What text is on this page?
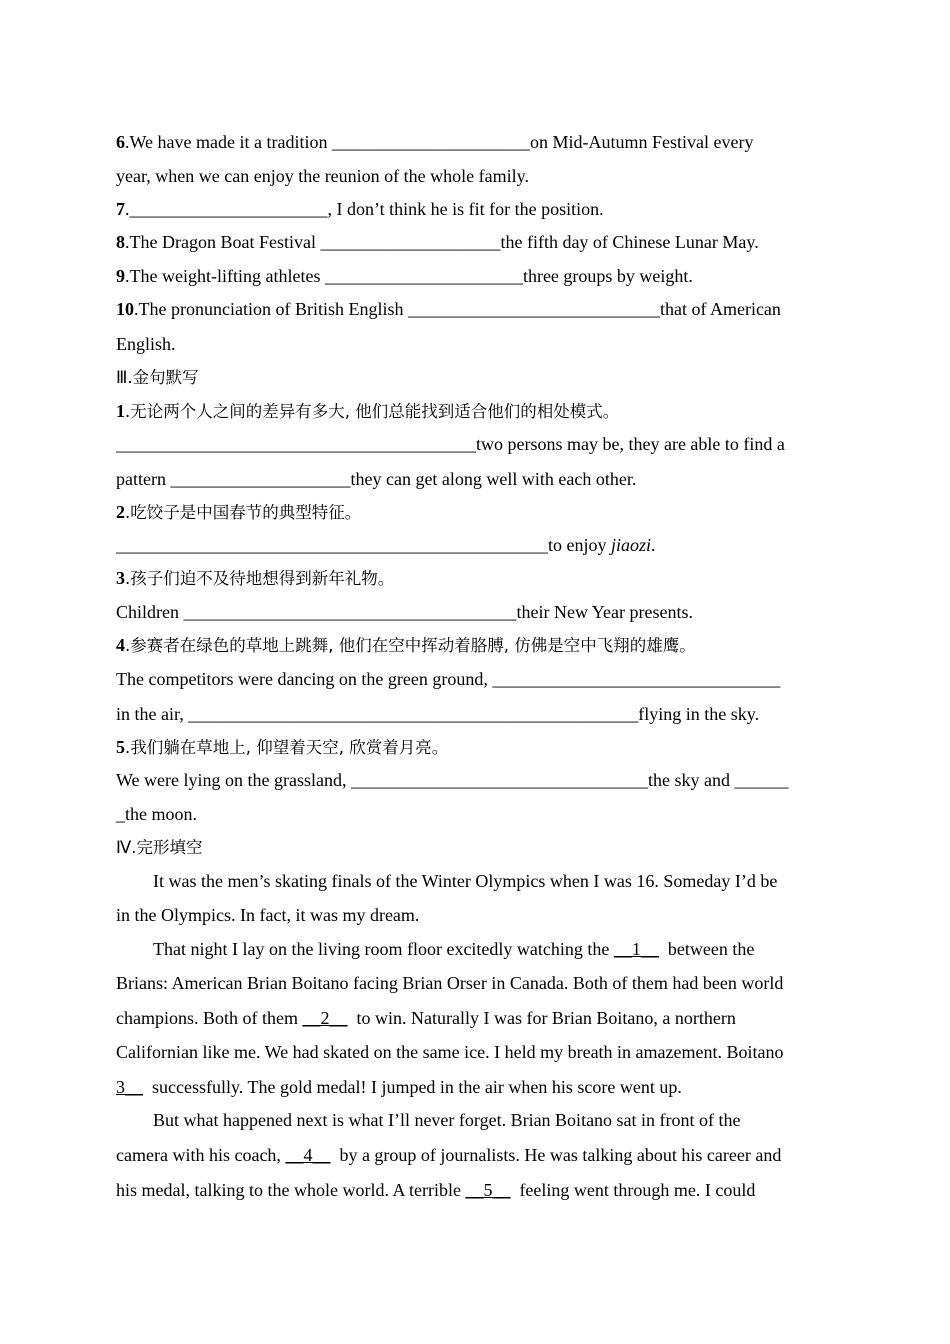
6.We have made it a tradition ______________________on Mid-Autumn Festival every
year, when we can enjoy the reunion of the whole family.
7.______________________, I don’t think he is fit for the position.
8.The Dragon Boat Festival ____________________the fifth day of Chinese Lunar May.
9.The weight-lifting athletes ______________________three groups by weight.
10.The pronunciation of British English ____________________________that of American
English.
Ⅲ.金句默写
1.无论两个人之间的差异有多大, 他们总能找到适合他们的相处模式。
________________________________________two persons may be, they are able to find a
pattern ____________________they can get along well with each other.
2.吃饺子是中国春节的典型特征。
________________________________________________to enjoy jiaozi.
3.孩子们迫不及待地想得到新年礼物。
Children _____________________________________their New Year presents.
4.参赛者在绿色的草地上跳舞, 他们在空中挥动着胳膊, 仿佛是空中飞翔的雄鹰。
The competitors were dancing on the green ground, ________________________________
in the air, __________________________________________________flying in the sky.
5.我们躺在草地上, 仰望着天空, 欣赏着月亮。
We were lying on the grassland, _________________________________the sky and ______
_the moon.
Ⅳ.完形填空
It was the men’s skating finals of the Winter Olympics when I was 16. Someday I’d be
in the Olympics. In fact, it was my dream.
That night I lay on the living room floor excitedly watching the __1__  between the
Brians: American Brian Boitano facing Brian Orser in Canada. Both of them had been world
champions. Both of them __2__  to win. Naturally I was for Brian Boitano, a northern
Californian like me. We had skated on the same ice. I held my breath in amazement. Boitano
3__  successfully. The gold medal! I jumped in the air when his score went up.
But what happened next is what I’ll never forget. Brian Boitano sat in front of the
camera with his coach, __4__  by a group of journalists. He was talking about his career and
his medal, talking to the whole world. A terrible __5__  feeling went through me. I could
